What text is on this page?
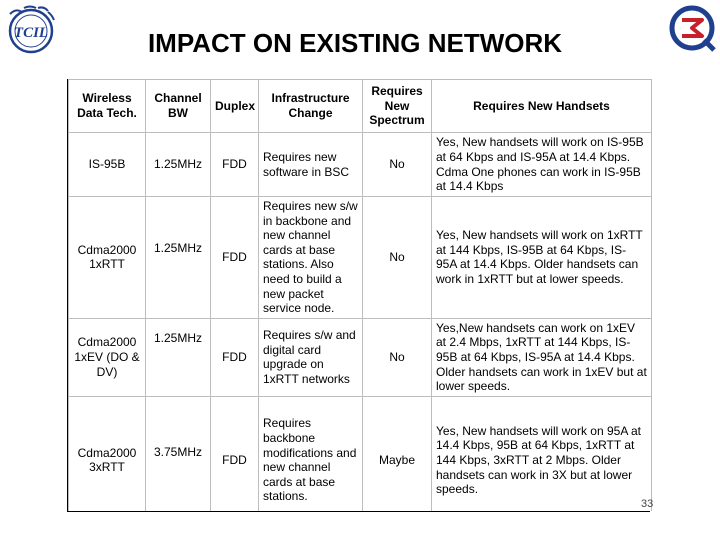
TCIL	IMPACT ON EXISTING NETWORK
Wireless Data Tech.	Channel BW	Duplex	Infrastructure Change	Requires New Spectrum	Requires New Handsets
IS-95B	1.25MHz	FDD	Requires new software in BSC	No	Yes, New handsets will work on IS-95B at 64 Kbps and IS-95A at 14.4 Kbps. Cdma One phones can work in IS-95B at 14.4 Kbps
Cdma2000 1xRTT	1.25MHz	FDD	Requires new s/w in backbone and new channel cards at base stations. Also need to build a new packet service node.	No	Yes, New handsets will work on 1xRTT at 144 Kbps, IS-95B at 64 Kbps, IS-95A at 14.4 Kbps. Older handsets can work in 1xRTT but at lower speeds.
Cdma2000 1xEV (DO & DV)	1.25MHz	FDD	Requires s/w and digital card upgrade on 1xRTT networks	No	Yes,New handsets can work on 1xEV at 2.4 Mbps, 1xRTT at 144 Kbps, IS-95B at 64 Kbps, IS-95A at 14.4 Kbps. Older handsets can work in 1xEV but at lower speeds.
Cdma2000 3xRTT	3.75MHz	FDD	Requires backbone modifications and new channel cards at base stations.	Maybe	Yes, New handsets will work on 95A at 14.4 Kbps, 95B at 64 Kbps, 1xRTT at 144 Kbps, 3xRTT at 2 Mbps. Older handsets can work in 3X but at lower speeds.
33
